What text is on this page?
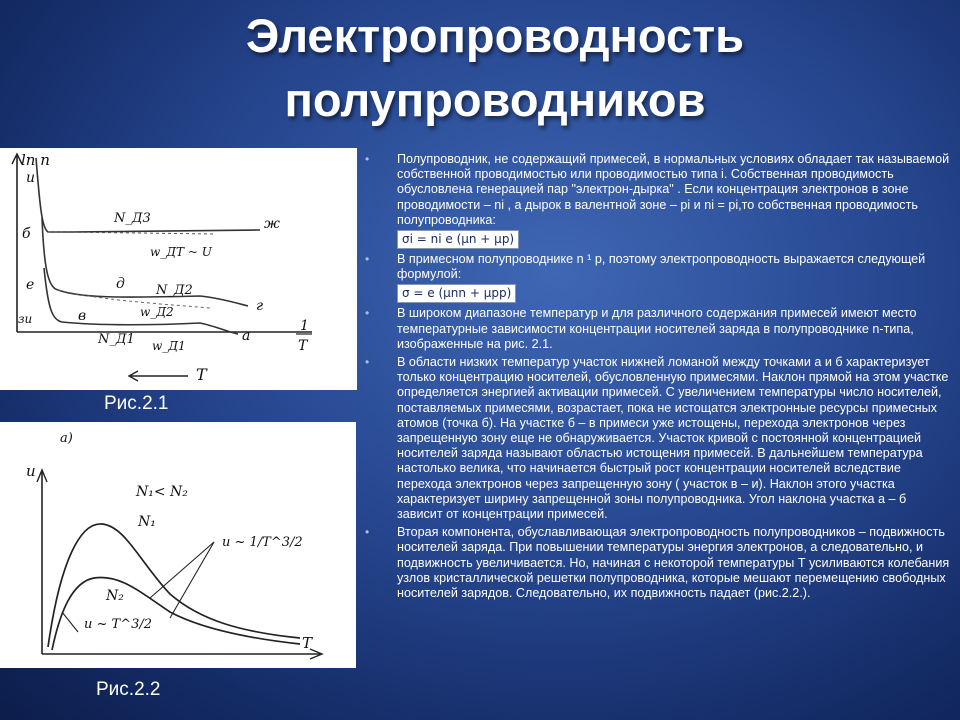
Электропроводность
полупроводников
ln n
u
б
е
зи
ж
д
г
в
а
N_Д3
w_ДТ ~ U
N_Д2
w_Д2
N_Д1 w_Д1
1
T
T
Рис.2.1
а)
u
T
N₁< N₂
N₁
N₂
u ~ 1/T^3/2
u ~ T^3/2
Рис.2.2
• Полупроводник, не содержащий примесей, в нормальных условиях обладает так называемой собственной проводимостью или проводимостью типа i. Собственная проводимость обусловлена генерацией пар "электрон-дырка" . Если концентрация электронов в зоне проводимости – ni , а дырок в валентной зоне – pi и ni = pi,то собственная проводимость полупроводника:
σi = ni e (μn + μp)
• В примесном полупроводнике n ¹ p, поэтому электропроводность выражается следующей формулой:
σ = e (μnn + μpp)
• В широком диапазоне температур и для различного содержания примесей имеют место температурные зависимости концентрации носителей заряда в полупроводнике n-типа, изображенные на рис. 2.1.
• В области низких температур участок нижней ломаной между точками а и б характеризует только концентрацию носителей, обусловленную примесями. Наклон прямой на этом участке определяется энергией активации примесей. С увеличением температуры число носителей, поставляемых примесями, возрастает, пока не истощатся электронные ресурсы примесных атомов (точка б). На участке б – в примеси уже истощены, перехода электронов через запрещенную зону еще не обнаруживается. Участок кривой с постоянной концентрацией носителей заряда называют областью истощения примесей. В дальнейшем температура настолько велика, что начинается быстрый рост концентрации носителей вследствие перехода электронов через запрещенную зону ( участок в – и). Наклон этого участка характеризует ширину запрещенной зоны полупроводника. Угол наклона участка а – б зависит от концентрации примесей.
• Вторая компонента, обуславливающая электропроводность полупроводников – подвижность носителей заряда. При повышении температуры энергия электронов, а следовательно, и подвижность увеличивается. Но, начиная с некоторой температуры Т усиливаются колебания узлов кристаллической решетки полупроводника, которые мешают перемещению свободных носителей зарядов. Следовательно, их подвижность падает (рис.2.2.).
